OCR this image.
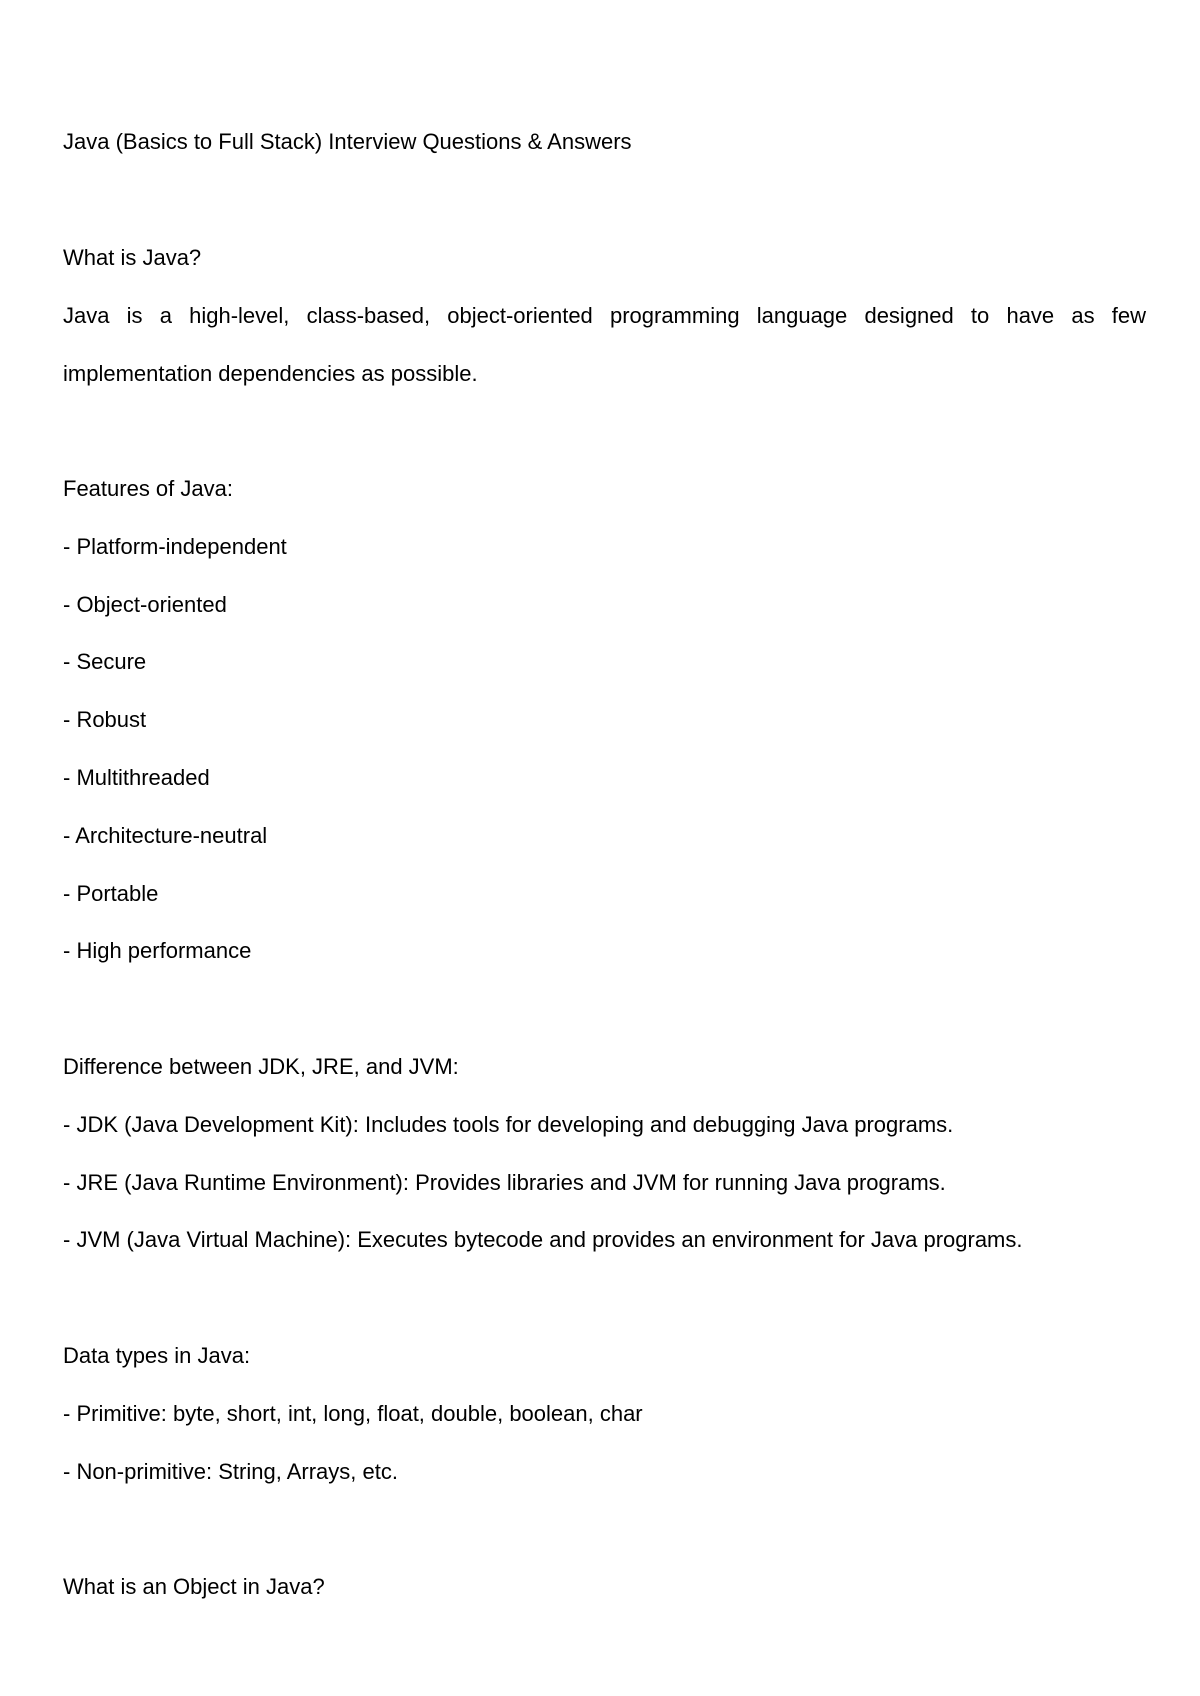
Java (Basics to Full Stack) Interview Questions & Answers
What is Java?
Java is a high-level, class-based, object-oriented programming language designed to have as few
implementation dependencies as possible.
Features of Java:
- Platform-independent
- Object-oriented
- Secure
- Robust
- Multithreaded
- Architecture-neutral
- Portable
- High performance
Difference between JDK, JRE, and JVM:
- JDK (Java Development Kit): Includes tools for developing and debugging Java programs.
- JRE (Java Runtime Environment): Provides libraries and JVM for running Java programs.
- JVM (Java Virtual Machine): Executes bytecode and provides an environment for Java programs.
Data types in Java:
- Primitive: byte, short, int, long, float, double, boolean, char
- Non-primitive: String, Arrays, etc.
What is an Object in Java?
